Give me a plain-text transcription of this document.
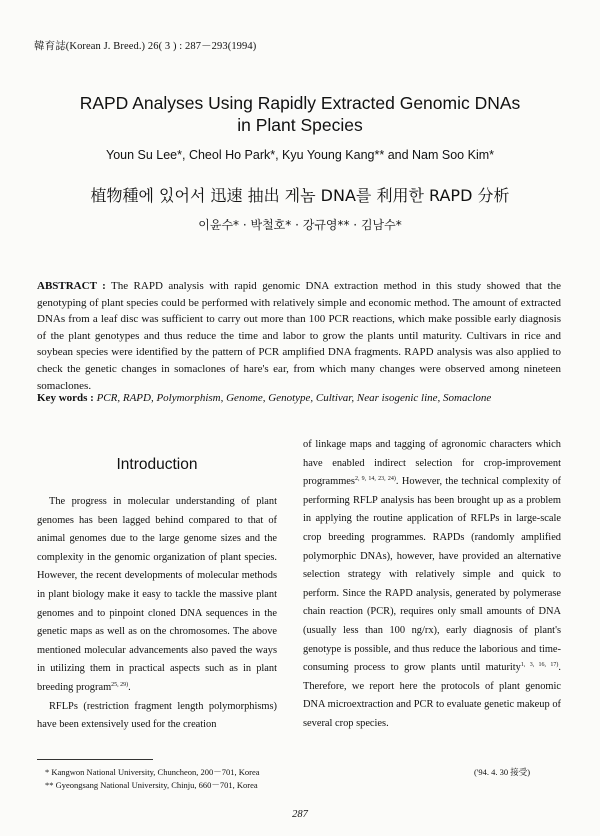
韓育誌(Korean J. Breed.) 26( 3 ) : 287－293(1994)
RAPD Analyses Using Rapidly Extracted Genomic DNAs
in Plant Species
Youn Su Lee*, Cheol Ho Park*, Kyu Young Kang** and Nam Soo Kim*
植物種에 있어서 迅速 抽出 게놈 DNA를 利用한 RAPD 分析
이윤수* · 박철호* · 강규영** · 김남수*
ABSTRACT : The RAPD analysis with rapid genomic DNA extraction method in this study showed that the genotyping of plant species could be performed with relatively simple and economic method. The amount of extracted DNAs from a leaf disc was sufficient to carry out more than 100 PCR reactions, which make possible early diagnosis of the plant genotypes and thus reduce the time and labor to grow the plants until maturity. Cultivars in rice and soybean species were identified by the pattern of PCR amplified DNA fragments. RAPD analysis was also applied to check the genetic changes in somaclones of hare's ear, from which many changes were observed among nineteen somaclones.
Key words : PCR, RAPD, Polymorphism, Genome, Genotype, Cultivar, Near isogenic line, Somaclone
Introduction

The progress in molecular understanding of plant genomes has been lagged behind compared to that of animal genomes due to the large genome sizes and the complexity in the genomic organization of plant species. However, the recent developments of molecular methods in plant biology make it easy to tackle the massive plant genomes and to pinpoint cloned DNA sequences in the genetic maps as well as on the chromosomes. The above mentioned molecular advancements also paved the ways in utilizing them in practical aspects such as in plant breeding program$^{25, 29)}$.

RFLPs (restriction fragment length polymorphisms) have been extensively used for the creation

of linkage maps and tagging of agronomic characters which have enabled indirect selection for crop-improvement programmes$^{2, 9, 14, 23, 24)}$. However, the technical complexity of performing RFLP analysis has been brought up as a problem in applying the routine application of RFLPs in large-scale crop breeding programmes. RAPDs (randomly amplified polymorphic DNAs), however, have provided an alternative selection strategy with relatively simple and quick to perform. Since the RAPD analysis, generated by polymerase chain reaction (PCR), requires only small amounts of DNA (usually less than 100 ng/rx), early diagnosis of plant's genotype is possible, and thus reduce the laborious and time-consuming process to grow plants until maturity$^{1, 3, 16, 17)}$. Therefore, we report here the protocols of plant genomic DNA microextraction and PCR to evaluate genetic makeup of several crop species.

* Kangwon National University, Chuncheon, 200－701, Korea
** Gyeongsang National University, Chinju, 660－701, Korea
('94. 4. 30 接受)
287
